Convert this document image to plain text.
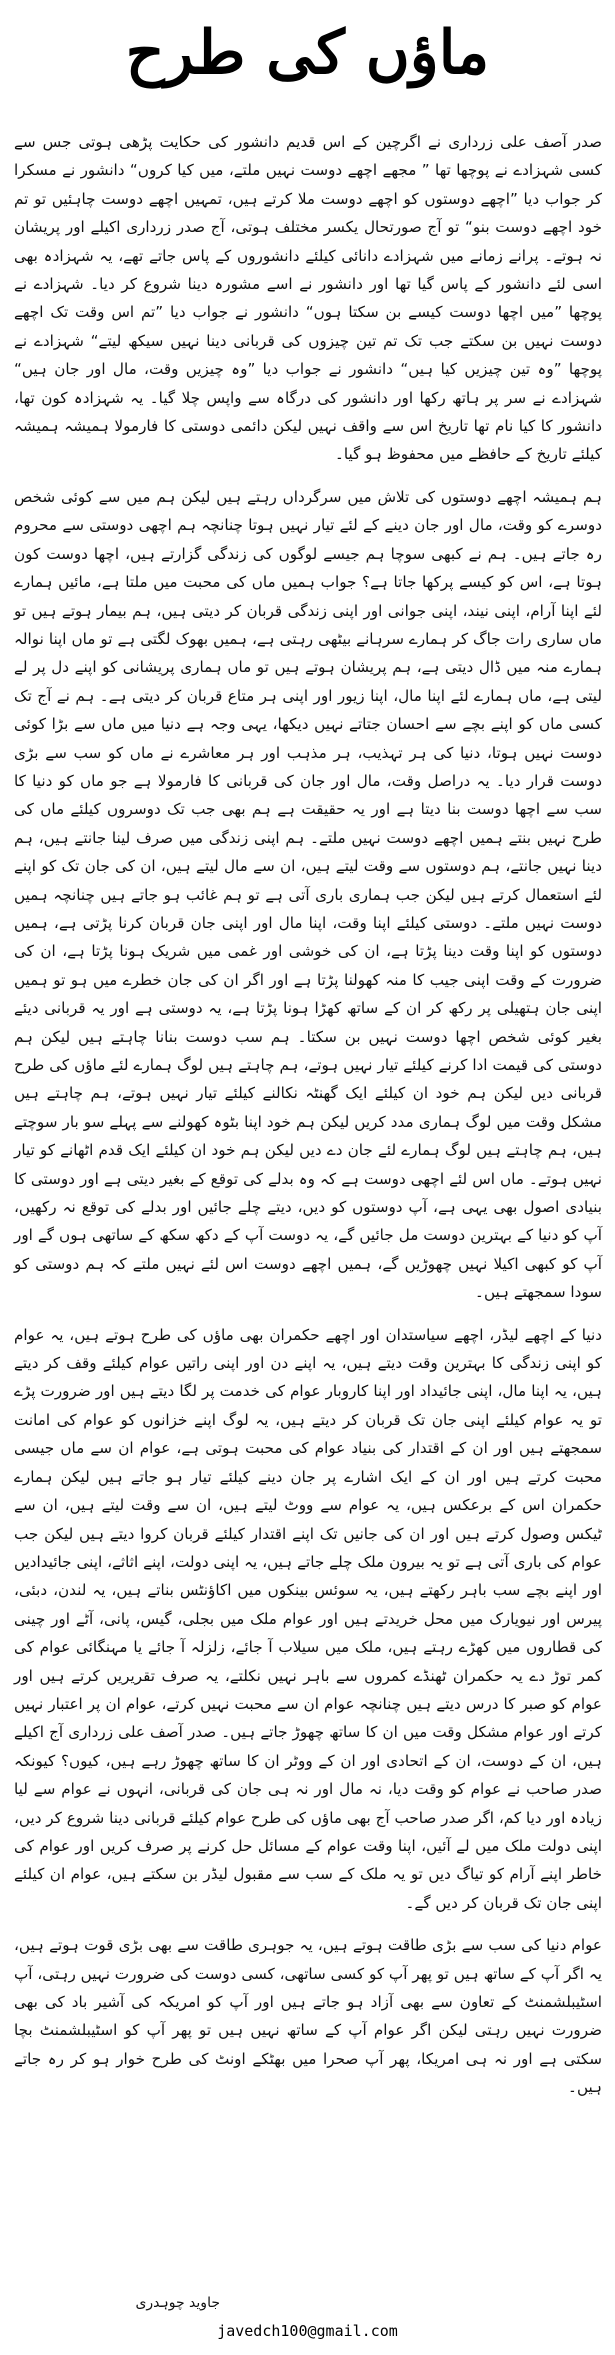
ماؤں کی طرح

صدر آصف علی زرداری نے اگرچین کے اس قدیم دانشور کی حکایت پڑھی ہوتی جس سے کسی شہزادے نے پوچھا تھا ” مجھے اچھے دوست نہیں ملتے، میں کیا کروں“ دانشور نے مسکرا کر جواب دیا ”اچھے دوستوں کو اچھے دوست ملا کرتے ہیں، تمہیں اچھے دوست چاہئیں تو تم خود اچھے دوست بنو“ تو آج صورتحال یکسر مختلف ہوتی، آج صدر زرداری اکیلے اور پریشان نہ ہوتے۔ پرانے زمانے میں شہزادے دانائی کیلئے دانشوروں کے پاس جاتے تھے، یہ شہزادہ بھی اسی لئے دانشور کے پاس گیا تھا اور دانشور نے اسے مشورہ دینا شروع کر دیا۔ شہزادے نے پوچھا ”میں اچھا دوست کیسے بن سکتا ہوں“ دانشور نے جواب دیا ”تم اس وقت تک اچھے دوست نہیں بن سکتے جب تک تم تین چیزوں کی قربانی دینا نہیں سیکھ لیتے“ شہزادے نے پوچھا ”وہ تین چیزیں کیا ہیں“ دانشور نے جواب دیا ”وہ چیزیں وقت، مال اور جان ہیں“ شہزادے نے سر پر ہاتھ رکھا اور دانشور کی درگاہ سے واپس چلا گیا۔ یہ شہزادہ کون تھا، دانشور کا کیا نام تھا تاریخ اس سے واقف نہیں لیکن دائمی دوستی کا فارمولا ہمیشہ ہمیشہ کیلئے تاریخ کے حافظے میں محفوظ ہو گیا۔

ہم ہمیشہ اچھے دوستوں کی تلاش میں سرگرداں رہتے ہیں لیکن ہم میں سے کوئی شخص دوسرے کو وقت، مال اور جان دینے کے لئے تیار نہیں ہوتا چنانچہ ہم اچھی دوستی سے محروم رہ جاتے ہیں۔ ہم نے کبھی سوچا ہم جیسے لوگوں کی زندگی گزارتے ہیں، اچھا دوست کون ہوتا ہے، اس کو کیسے پرکھا جاتا ہے؟ جواب ہمیں ماں کی محبت میں ملتا ہے، مائیں ہمارے لئے اپنا آرام، اپنی نیند، اپنی جوانی اور اپنی زندگی قربان کر دیتی ہیں، ہم بیمار ہوتے ہیں تو ماں ساری رات جاگ کر ہمارے سرہانے بیٹھی رہتی ہے، ہمیں بھوک لگتی ہے تو ماں اپنا نوالہ ہمارے منہ میں ڈال دیتی ہے، ہم پریشان ہوتے ہیں تو ماں ہماری پریشانی کو اپنے دل پر لے لیتی ہے، ماں ہمارے لئے اپنا مال، اپنا زیور اور اپنی ہر متاع قربان کر دیتی ہے۔ ہم نے آج تک کسی ماں کو اپنے بچے سے احسان جتاتے نہیں دیکھا، یہی وجہ ہے دنیا میں ماں سے بڑا کوئی دوست نہیں ہوتا، دنیا کی ہر تہذیب، ہر مذہب اور ہر معاشرے نے ماں کو سب سے بڑی دوست قرار دیا۔ یہ دراصل وقت، مال اور جان کی قربانی کا فارمولا ہے جو ماں کو دنیا کا سب سے اچھا دوست بنا دیتا ہے اور یہ حقیقت ہے ہم بھی جب تک دوسروں کیلئے ماں کی طرح نہیں بنتے ہمیں اچھے دوست نہیں ملتے۔ ہم اپنی زندگی میں صرف لینا جانتے ہیں، ہم دینا نہیں جانتے، ہم دوستوں سے وقت لیتے ہیں، ان سے مال لیتے ہیں، ان کی جان تک کو اپنے لئے استعمال کرتے ہیں لیکن جب ہماری باری آتی ہے تو ہم غائب ہو جاتے ہیں چنانچہ ہمیں دوست نہیں ملتے۔ دوستی کیلئے اپنا وقت، اپنا مال اور اپنی جان قربان کرنا پڑتی ہے، ہمیں دوستوں کو اپنا وقت دینا پڑتا ہے، ان کی خوشی اور غمی میں شریک ہونا پڑتا ہے، ان کی ضرورت کے وقت اپنی جیب کا منہ کھولنا پڑتا ہے اور اگر ان کی جان خطرے میں ہو تو ہمیں اپنی جان ہتھیلی پر رکھ کر ان کے ساتھ کھڑا ہونا پڑتا ہے، یہ دوستی ہے اور یہ قربانی دیئے بغیر کوئی شخص اچھا دوست نہیں بن سکتا۔ ہم سب دوست بنانا چاہتے ہیں لیکن ہم دوستی کی قیمت ادا کرنے کیلئے تیار نہیں ہوتے، ہم چاہتے ہیں لوگ ہمارے لئے ماؤں کی طرح قربانی دیں لیکن ہم خود ان کیلئے ایک گھنٹہ نکالنے کیلئے تیار نہیں ہوتے، ہم چاہتے ہیں مشکل وقت میں لوگ ہماری مدد کریں لیکن ہم خود اپنا بٹوہ کھولنے سے پہلے سو بار سوچتے ہیں، ہم چاہتے ہیں لوگ ہمارے لئے جان دے دیں لیکن ہم خود ان کیلئے ایک قدم اٹھانے کو تیار نہیں ہوتے۔ ماں اس لئے اچھی دوست ہے کہ وہ بدلے کی توقع کے بغیر دیتی ہے اور دوستی کا بنیادی اصول بھی یہی ہے، آپ دوستوں کو دیں، دیتے چلے جائیں اور بدلے کی توقع نہ رکھیں، آپ کو دنیا کے بہترین دوست مل جائیں گے، یہ دوست آپ کے دکھ سکھ کے ساتھی ہوں گے اور آپ کو کبھی اکیلا نہیں چھوڑیں گے، ہمیں اچھے دوست اس لئے نہیں ملتے کہ ہم دوستی کو سودا سمجھتے ہیں۔

دنیا کے اچھے لیڈر، اچھے سیاستدان اور اچھے حکمران بھی ماؤں کی طرح ہوتے ہیں، یہ عوام کو اپنی زندگی کا بہترین وقت دیتے ہیں، یہ اپنے دن اور اپنی راتیں عوام کیلئے وقف کر دیتے ہیں، یہ اپنا مال، اپنی جائیداد اور اپنا کاروبار عوام کی خدمت پر لگا دیتے ہیں اور ضرورت پڑے تو یہ عوام کیلئے اپنی جان تک قربان کر دیتے ہیں، یہ لوگ اپنے خزانوں کو عوام کی امانت سمجھتے ہیں اور ان کے اقتدار کی بنیاد عوام کی محبت ہوتی ہے، عوام ان سے ماں جیسی محبت کرتے ہیں اور ان کے ایک اشارے پر جان دینے کیلئے تیار ہو جاتے ہیں لیکن ہمارے حکمران اس کے برعکس ہیں، یہ عوام سے ووٹ لیتے ہیں، ان سے وقت لیتے ہیں، ان سے ٹیکس وصول کرتے ہیں اور ان کی جانیں تک اپنے اقتدار کیلئے قربان کروا دیتے ہیں لیکن جب عوام کی باری آتی ہے تو یہ بیرون ملک چلے جاتے ہیں، یہ اپنی دولت، اپنے اثاثے، اپنی جائیدادیں اور اپنے بچے سب باہر رکھتے ہیں، یہ سوئس بینکوں میں اکاؤنٹس بناتے ہیں، یہ لندن، دبئی، پیرس اور نیویارک میں محل خریدتے ہیں اور عوام ملک میں بجلی، گیس، پانی، آٹے اور چینی کی قطاروں میں کھڑے رہتے ہیں، ملک میں سیلاب آ جائے، زلزلہ آ جائے یا مہنگائی عوام کی کمر توڑ دے یہ حکمران ٹھنڈے کمروں سے باہر نہیں نکلتے، یہ صرف تقریریں کرتے ہیں اور عوام کو صبر کا درس دیتے ہیں چنانچہ عوام ان سے محبت نہیں کرتے، عوام ان پر اعتبار نہیں کرتے اور عوام مشکل وقت میں ان کا ساتھ چھوڑ جاتے ہیں۔ صدر آصف علی زرداری آج اکیلے ہیں، ان کے دوست، ان کے اتحادی اور ان کے ووٹر ان کا ساتھ چھوڑ رہے ہیں، کیوں؟ کیونکہ صدر صاحب نے عوام کو وقت دیا، نہ مال اور نہ ہی جان کی قربانی، انہوں نے عوام سے لیا زیادہ اور دیا کم، اگر صدر صاحب آج بھی ماؤں کی طرح عوام کیلئے قربانی دینا شروع کر دیں، اپنی دولت ملک میں لے آئیں، اپنا وقت عوام کے مسائل حل کرنے پر صرف کریں اور عوام کی خاطر اپنے آرام کو تیاگ دیں تو یہ ملک کے سب سے مقبول لیڈر بن سکتے ہیں، عوام ان کیلئے اپنی جان تک قربان کر دیں گے۔

عوام دنیا کی سب سے بڑی طاقت ہوتے ہیں، یہ جوہری طاقت سے بھی بڑی قوت ہوتے ہیں، یہ اگر آپ کے ساتھ ہیں تو پھر آپ کو کسی ساتھی، کسی دوست کی ضرورت نہیں رہتی، آپ اسٹیبلشمنٹ کے تعاون سے بھی آزاد ہو جاتے ہیں اور آپ کو امریکہ کی آشیر باد کی بھی ضرورت نہیں رہتی لیکن اگر عوام آپ کے ساتھ نہیں ہیں تو پھر آپ کو اسٹیبلشمنٹ بچا سکتی ہے اور نہ ہی امریکا، پھر آپ صحرا میں بھٹکے اونٹ کی طرح خوار ہو کر رہ جاتے ہیں۔

جاوید چوہدری
javedch100@gmail.com
